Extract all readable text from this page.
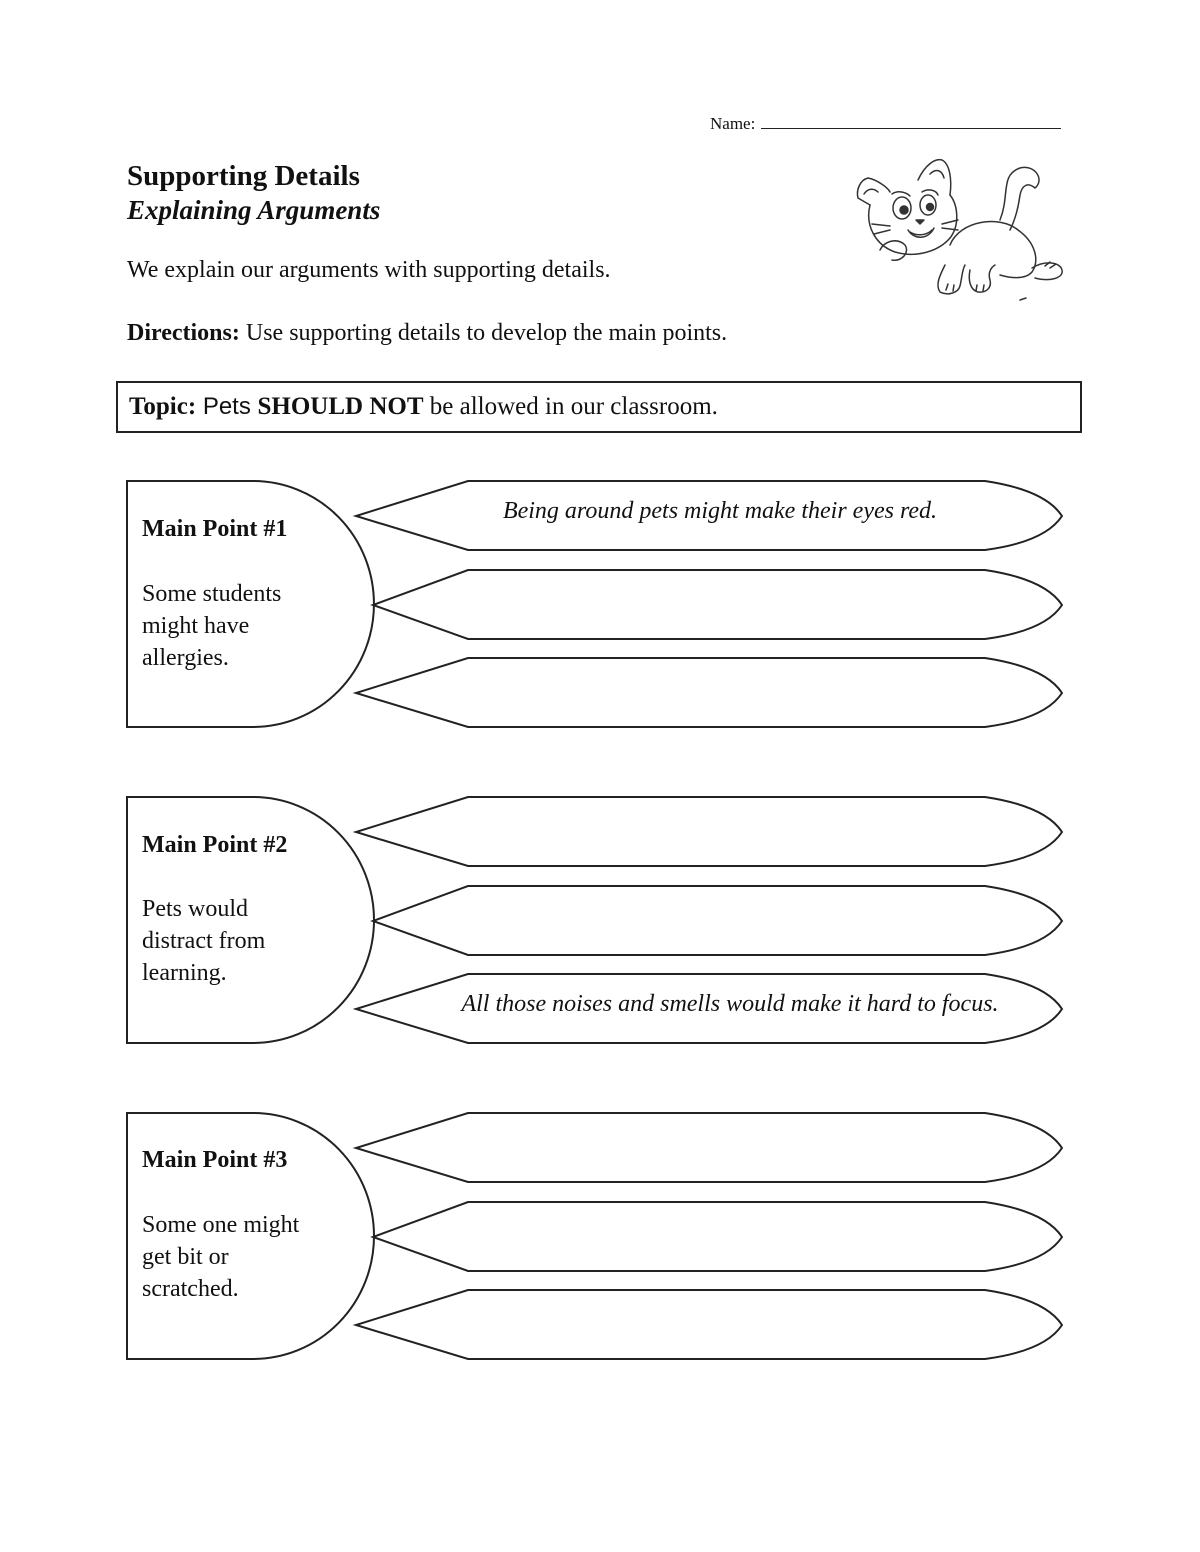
Name:
Supporting Details
Explaining Arguments
We explain our arguments with supporting details.
Directions: Use supporting details to develop the main points.
Topic: Pets SHOULD NOT be allowed in our classroom.
Main Point #1
Some students
might have
allergies.
Being around pets might make their eyes red.
Main Point #2
Pets would
distract from
learning.
All those noises and smells would make it hard to focus.
Main Point #3
Some one might
get bit or
scratched.
